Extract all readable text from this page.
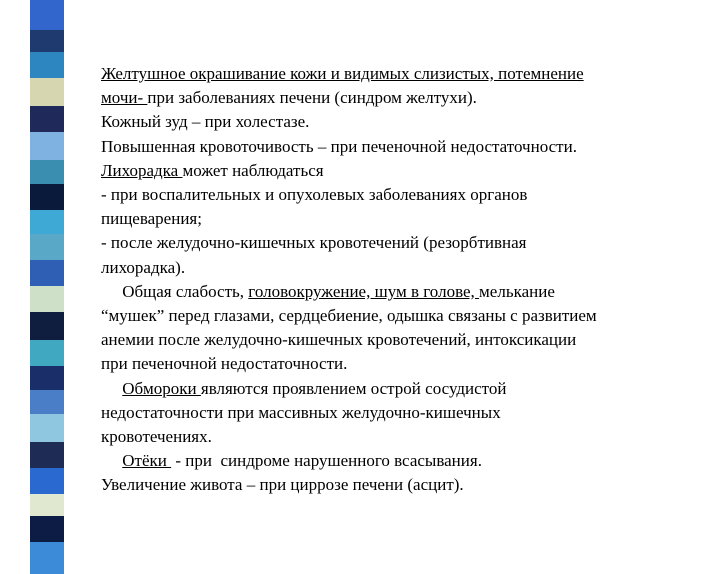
Желтушное окрашивание кожи и видимых слизистых, потемнение
мочи- при заболеваниях печени (синдром желтухи).
Кожный зуд – при холестазе.
Повышенная кровоточивость – при печеночной недостаточности.
Лихорадка может наблюдаться
- при воспалительных и опухолевых заболеваниях органов
пищеварения;
- после желудочно-кишечных кровотечений (резорбтивная
лихорадка).
Общая слабость, головокружение, шум в голове, мелькание
“мушек” перед глазами, сердцебиение, одышка связаны с развитием
анемии после желудочно-кишечных кровотечений, интоксикации
при печеночной недостаточности.
Обмороки являются проявлением острой сосудистой
недостаточности при массивных желудочно-кишечных
кровотечениях.
Отёки  - при  синдроме нарушенного всасывания.
Увеличение живота – при циррозе печени (асцит).
